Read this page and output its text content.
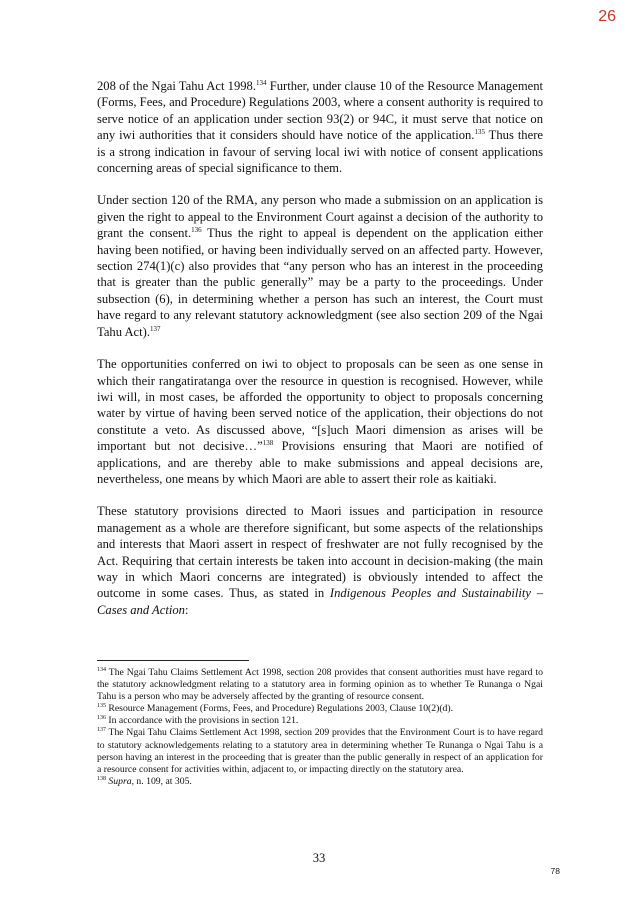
26

208 of the Ngai Tahu Act 1998.$^{134}$ Further, under clause 10 of the Resource Management (Forms, Fees, and Procedure) Regulations 2003, where a consent authority is required to serve notice of an application under section 93(2) or 94C, it must serve that notice on any iwi authorities that it considers should have notice of the application.$^{135}$ Thus there is a strong indication in favour of serving local iwi with notice of consent applications concerning areas of special significance to them.

Under section 120 of the RMA, any person who made a submission on an application is given the right to appeal to the Environment Court against a decision of the authority to grant the consent.$^{136}$ Thus the right to appeal is dependent on the application either having been notified, or having been individually served on an affected party. However, section 274(1)(c) also provides that “any person who has an interest in the proceeding that is greater than the public generally” may be a party to the proceedings. Under subsection (6), in determining whether a person has such an interest, the Court must have regard to any relevant statutory acknowledgment (see also section 209 of the Ngai Tahu Act).$^{137}$

The opportunities conferred on iwi to object to proposals can be seen as one sense in which their rangatiratanga over the resource in question is recognised. However, while iwi will, in most cases, be afforded the opportunity to object to proposals concerning water by virtue of having been served notice of the application, their objections do not constitute a veto. As discussed above, “[s]uch Maori dimension as arises will be important but not decisive…”$^{138}$ Provisions ensuring that Maori are notified of applications, and are thereby able to make submissions and appeal decisions are, nevertheless, one means by which Maori are able to assert their role as kaitiaki.

These statutory provisions directed to Maori issues and participation in resource management as a whole are therefore significant, but some aspects of the relationships and interests that Maori assert in respect of freshwater are not fully recognised by the Act. Requiring that certain interests be taken into account in decision-making (the main way in which Maori concerns are integrated) is obviously intended to affect the outcome in some cases. Thus, as stated in Indigenous Peoples and Sustainability – Cases and Action:

$^{134}$ The Ngai Tahu Claims Settlement Act 1998, section 208 provides that consent authorities must have regard to the statutory acknowledgment relating to a statutory area in forming opinion as to whether Te Runanga o Ngai Tahu is a person who may be adversely affected by the granting of resource consent.
$^{135}$ Resource Management (Forms, Fees, and Procedure) Regulations 2003, Clause 10(2)(d).
$^{136}$ In accordance with the provisions in section 121.
$^{137}$ The Ngai Tahu Claims Settlement Act 1998, section 209 provides that the Environment Court is to have regard to statutory acknowledgements relating to a statutory area in determining whether Te Runanga o Ngai Tahu is a person having an interest in the proceeding that is greater than the public generally in respect of an application for a resource consent for activities within, adjacent to, or impacting directly on the statutory area.
$^{138}$ Supra, n. 109, at 305.
33
78
